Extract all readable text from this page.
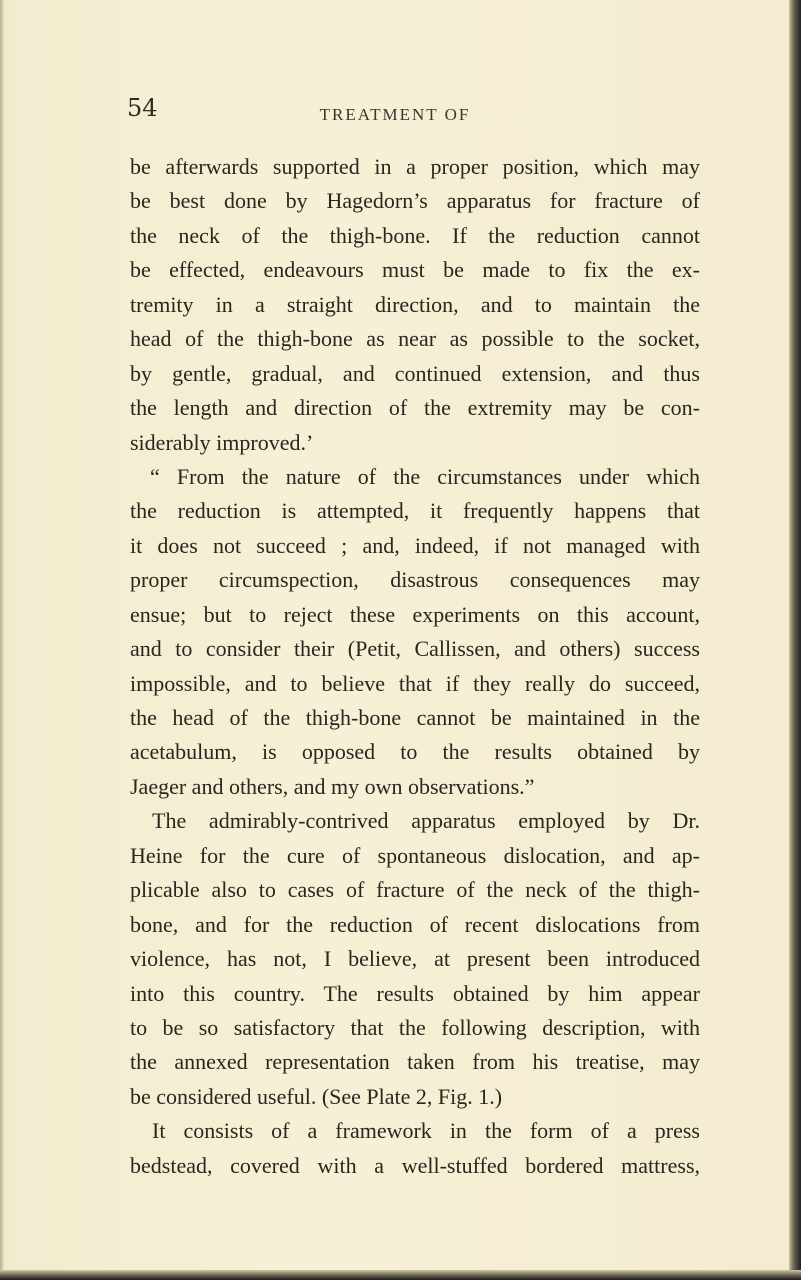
54	TREATMENT OF
be afterwards supported in a proper position, which may
be best done by Hagedorn’s apparatus for fracture of
the neck of the thigh-bone. If the reduction cannot
be effected, endeavours must be made to fix the ex-
tremity in a straight direction, and to maintain the
head of the thigh-bone as near as possible to the socket,
by gentle, gradual, and continued extension, and thus
the length and direction of the extremity may be con-
siderably improved.’
“ From the nature of the circumstances under which
the reduction is attempted, it frequently happens that
it does not succeed ; and, indeed, if not managed with
proper circumspection, disastrous consequences may
ensue; but to reject these experiments on this account,
and to consider their (Petit, Callissen, and others) success
impossible, and to believe that if they really do succeed,
the head of the thigh-bone cannot be maintained in the
acetabulum, is opposed to the results obtained by
Jaeger and others, and my own observations.”
The admirably-contrived apparatus employed by Dr.
Heine for the cure of spontaneous dislocation, and ap-
plicable also to cases of fracture of the neck of the thigh-
bone, and for the reduction of recent dislocations from
violence, has not, I believe, at present been introduced
into this country. The results obtained by him appear
to be so satisfactory that the following description, with
the annexed representation taken from his treatise, may
be considered useful. (See Plate 2, Fig. 1.)
It consists of a framework in the form of a press
bedstead, covered with a well-stuffed bordered mattress,
